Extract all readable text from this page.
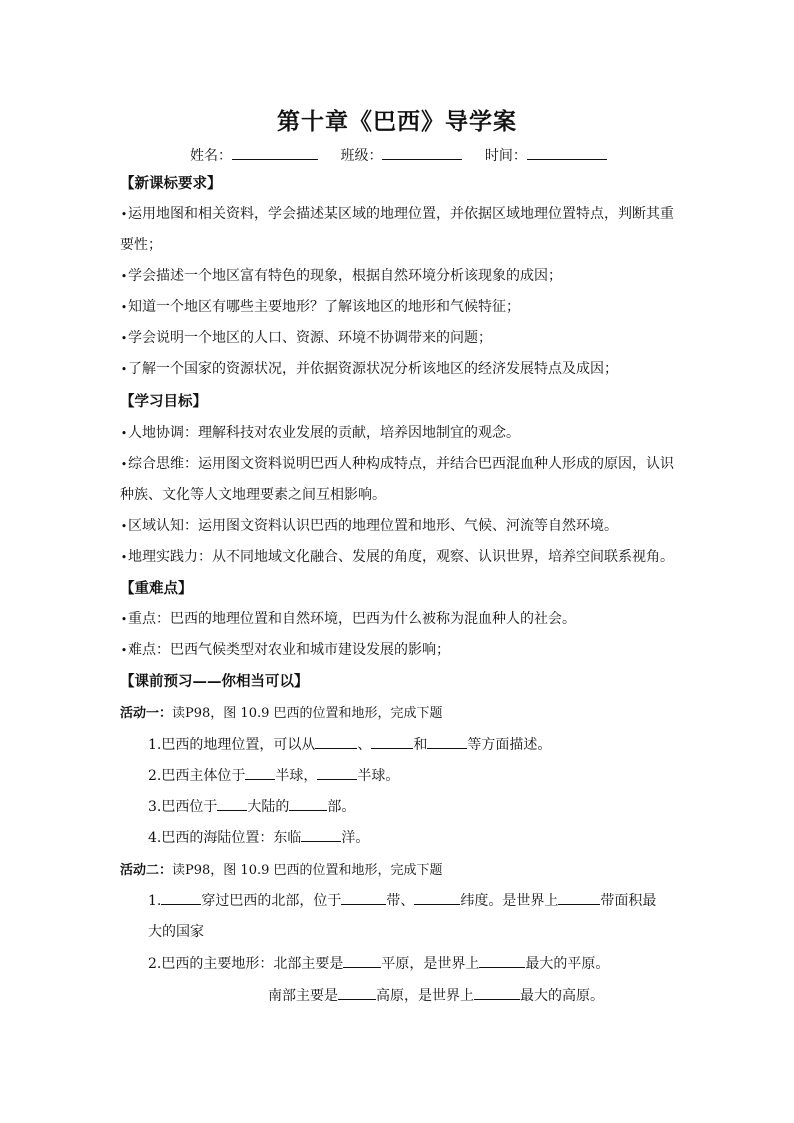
第十章《巴西》导学案
姓名：	班级：	时间：
【新课标要求】
•运用地图和相关资料，学会描述某区域的地理位置，并依据区域地理位置特点，判断其重
要性；
•学会描述一个地区富有特色的现象，根据自然环境分析该现象的成因；
•知道一个地区有哪些主要地形？了解该地区的地形和气候特征；
•学会说明一个地区的人口、资源、环境不协调带来的问题；
•了解一个国家的资源状况，并依据资源状况分析该地区的经济发展特点及成因；
【学习目标】
•人地协调：理解科技对农业发展的贡献，培养因地制宜的观念。
•综合思维：运用图文资料说明巴西人种构成特点，并结合巴西混血种人形成的原因，认识
种族、文化等人文地理要素之间互相影响。
•区域认知：运用图文资料认识巴西的地理位置和地形、气候、河流等自然环境。
•地理实践力：从不同地域文化融合、发展的角度，观察、认识世界，培养空间联系视角。
【重难点】
•重点：巴西的地理位置和自然环境，巴西为什么被称为混血种人的社会。
•难点：巴西气候类型对农业和城市建设发展的影响；
【课前预习——你相当可以】
活动一：读P98，图 10.9 巴西的位置和地形，完成下题
1.巴西的地理位置，可以从	、	和	等方面描述。
2.巴西主体位于 半球，	半球。
3.巴西位于 大陆的	部。
4.巴西的海陆位置：东临	洋。
活动二：读P98，图 10.9 巴西的位置和地形，完成下题
1.	穿过巴西的北部，位于	带、	纬度。是世界上	带面积最
大的国家
2.巴西的主要地形：北部主要是	平原，是世界上	最大的平原。
南部主要是	高原，是世界上	最大的高原。
